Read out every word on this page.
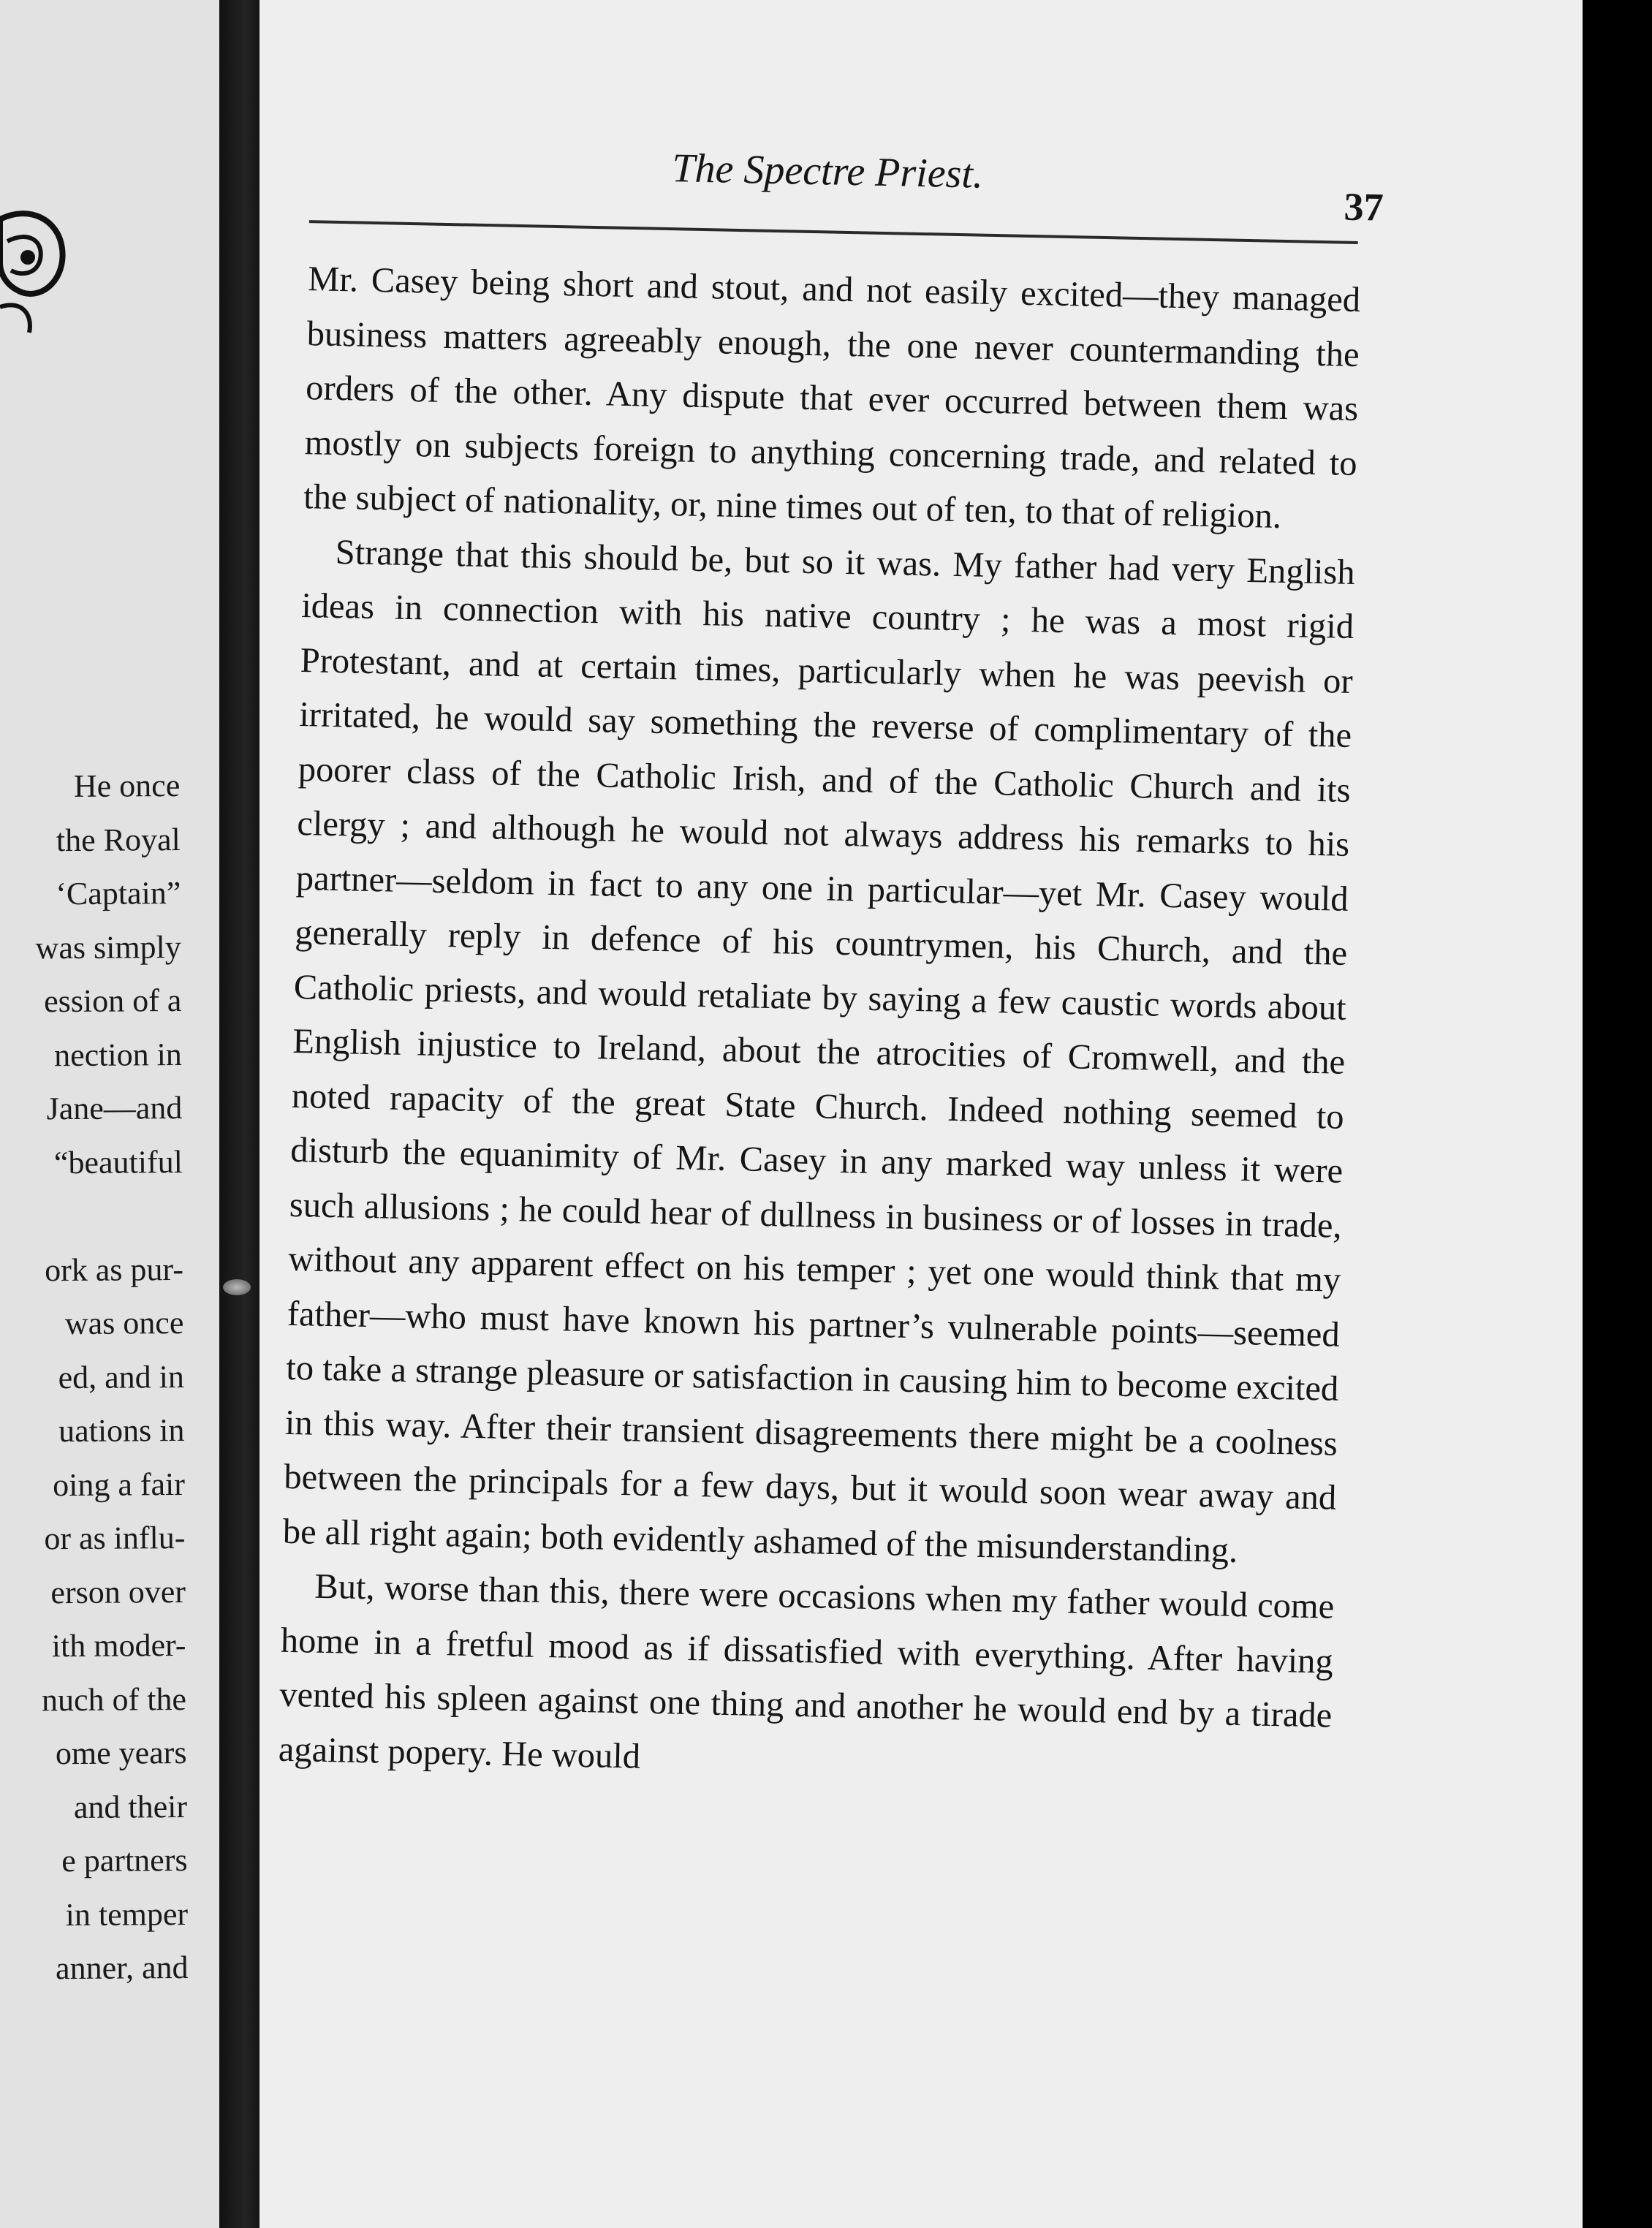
He once
the Royal
‘Captain”
was simply
ession of a
nection in
Jane—and
“beautiful

ork as pur-
was once
ed, and in
uations in
oing a fair
or as influ-
erson over
ith moder-
nuch of the
ome years
and their
e partners
in temper
anner, and
The Spectre Priest.
37

Mr. Casey being short and stout, and not easily excited—they managed business matters agreeably enough, the one never countermanding the orders of the other. Any dispute that ever occurred between them was mostly on subjects foreign to anything concerning trade, and related to the subject of nationality, or, nine times out of ten, to that of religion.

Strange that this should be, but so it was. My father had very English ideas in connection with his native country ; he was a most rigid Protestant, and at certain times, particularly when he was peevish or irritated, he would say something the reverse of complimentary of the poorer class of the Catholic Irish, and of the Catholic Church and its clergy ; and although he would not always address his remarks to his partner—seldom in fact to any one in particular—yet Mr. Casey would generally reply in defence of his countrymen, his Church, and the Catholic priests, and would retaliate by saying a few caustic words about English injustice to Ireland, about the atrocities of Cromwell, and the noted rapacity of the great State Church. Indeed nothing seemed to disturb the equanimity of Mr. Casey in any marked way unless it were such allusions ; he could hear of dullness in business or of losses in trade, without any apparent effect on his temper ; yet one would think that my father—who must have known his partner’s vulnerable points—seemed to take a strange pleasure or satisfaction in causing him to become excited in this way. After their transient disagreements there might be a coolness between the principals for a few days, but it would soon wear away and be all right again; both evidently ashamed of the misunderstanding.

But, worse than this, there were occasions when my father would come home in a fretful mood as if dissatisfied with everything. After having vented his spleen against one thing and another he would end by a tirade against popery. He would
